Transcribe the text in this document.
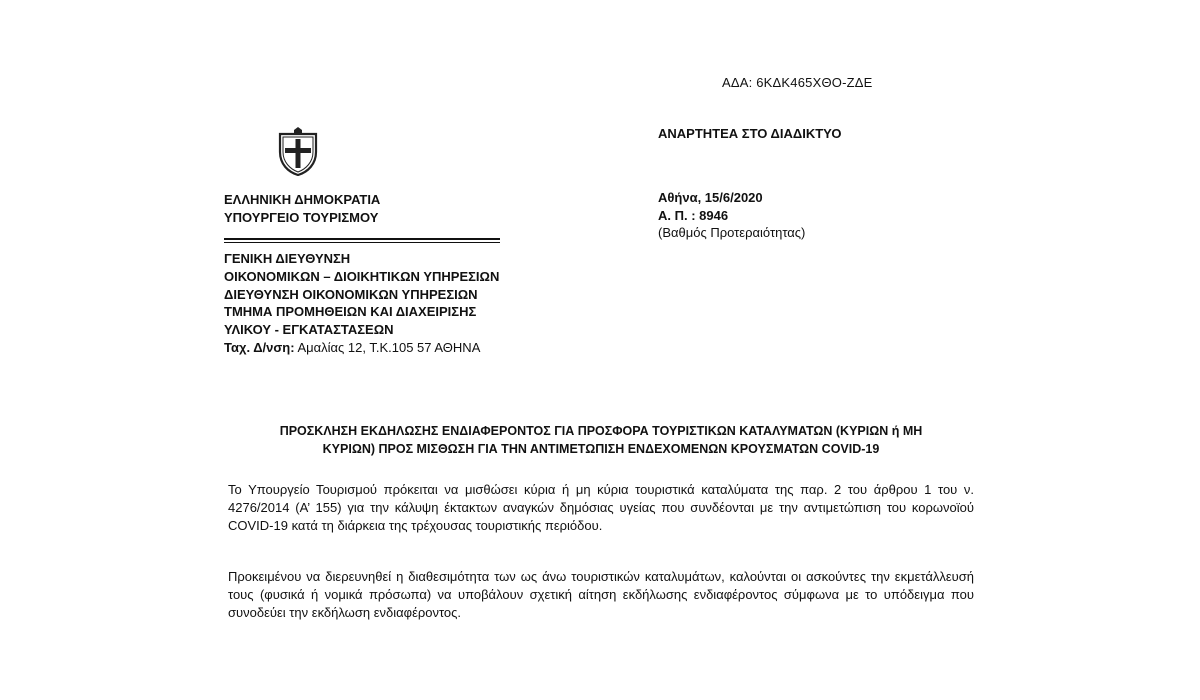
ΑΔΑ: 6ΚΔΚ465ΧΘΟ-ΖΔΕ
ΑΝΑΡΤΗΤΕΑ ΣΤΟ ΔΙΑΔΙΚΤΥΟ
ΕΛΛΗΝΙΚΗ ΔΗΜΟΚΡΑΤΙΑ
ΥΠΟΥΡΓΕΙΟ ΤΟΥΡΙΣΜΟΥ
ΓΕΝΙΚΗ ΔΙΕΥΘΥΝΣΗ
ΟΙΚΟΝΟΜΙΚΩΝ – ΔΙΟΙΚΗΤΙΚΩΝ ΥΠΗΡΕΣΙΩΝ
ΔΙΕΥΘΥΝΣΗ ΟΙΚΟΝΟΜΙΚΩΝ ΥΠΗΡΕΣΙΩΝ
ΤΜΗΜΑ ΠΡΟΜΗΘΕΙΩΝ ΚΑΙ ΔΙΑΧΕΙΡΙΣΗΣ
ΥΛΙΚΟΥ - ΕΓΚΑΤΑΣΤΑΣΕΩΝ
Ταχ. Δ/νση: Αμαλίας 12, Τ.Κ.105 57 ΑΘΗΝΑ
Αθήνα, 15/6/2020
Α. Π. : 8946
(Βαθμός Προτεραιότητας)
ΠΡΟΣΚΛΗΣΗ ΕΚΔΗΛΩΣΗΣ ΕΝΔΙΑΦΕΡΟΝΤΟΣ ΓΙΑ ΠΡΟΣΦΟΡΑ ΤΟΥΡΙΣΤΙΚΩΝ ΚΑΤΑΛΥΜΑΤΩΝ (ΚΥΡΙΩΝ ή ΜΗ
ΚΥΡΙΩΝ) ΠΡΟΣ ΜΙΣΘΩΣΗ ΓΙΑ ΤΗΝ ΑΝΤΙΜΕΤΩΠΙΣΗ ΕΝΔΕΧΟΜΕΝΩΝ ΚΡΟΥΣΜΑΤΩΝ COVID-19
Το Υπουργείο Τουρισμού πρόκειται να μισθώσει κύρια ή μη κύρια τουριστικά καταλύματα της παρ. 2 του άρθρου 1 του ν. 4276/2014 (Α’ 155) για την κάλυψη έκτακτων αναγκών δημόσιας υγείας που συνδέονται με την αντιμετώπιση του κορωνοϊού COVID-19 κατά τη διάρκεια της τρέχουσας τουριστικής περιόδου.
Προκειμένου να διερευνηθεί η διαθεσιμότητα των ως άνω τουριστικών καταλυμάτων, καλούνται οι ασκούντες την εκμετάλλευσή τους (φυσικά ή νομικά πρόσωπα) να υποβάλουν σχετική αίτηση εκδήλωσης ενδιαφέροντος σύμφωνα με το υπόδειγμα που συνοδεύει την εκδήλωση ενδιαφέροντος.
